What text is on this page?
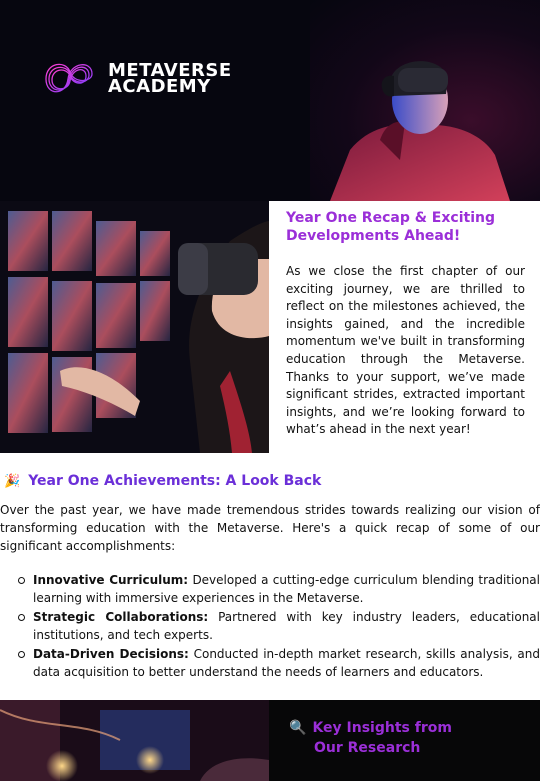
METAVERSE
ACADEMY
Year One Recap & Exciting Developments Ahead!

As we close the first chapter of our exciting journey, we are thrilled to reflect on the milestones achieved, the insights gained, and the incredible momentum we've built in transforming education through the Metaverse. Thanks to your support, we’ve made significant strides, extracted important insights, and we’re looking forward to what’s ahead in the next year!

🎉 Year One Achievements: A Look Back

Over the past year, we have made tremendous strides towards realizing our vision of transforming education with the Metaverse. Here's a quick recap of some of our significant accomplishments:

Innovative Curriculum: Developed a cutting-edge curriculum blending traditional learning with immersive experiences in the Metaverse.
Strategic Collaborations: Partnered with key industry leaders, educational institutions, and tech experts.
Data-Driven Decisions: Conducted in-depth market research, skills analysis, and data acquisition to better understand the needs of learners and educators.
🔍 Key Insights from
Our Research
